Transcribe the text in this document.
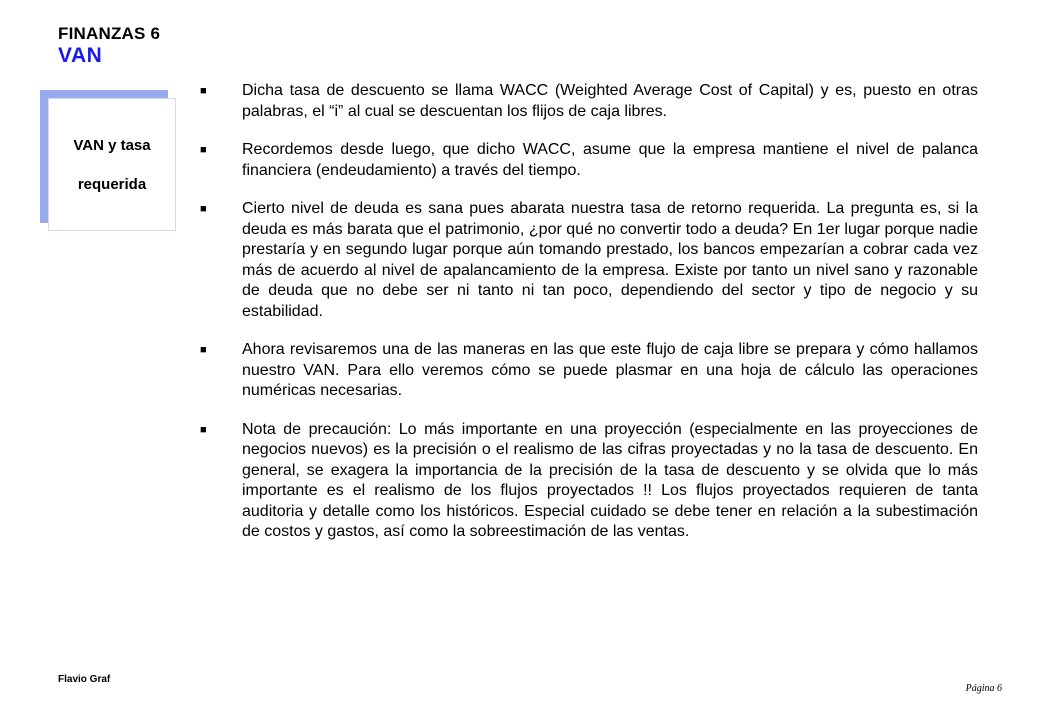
FINANZAS 6
VAN
VAN y tasa
requerida
■	Dicha tasa de descuento se llama WACC (Weighted Average Cost of Capital) y es, puesto en otras palabras, el “i” al cual se descuentan los flijos de caja libres.
■	Recordemos desde luego, que dicho WACC, asume que la empresa mantiene el nivel de palanca financiera (endeudamiento) a través del tiempo.
■	Cierto nivel de deuda es sana pues abarata nuestra tasa de retorno requerida. La pregunta es, si la deuda es más barata que el patrimonio, ¿por qué no convertir todo a deuda? En 1er lugar porque nadie prestaría y en segundo lugar porque aún tomando prestado, los bancos empezarían a cobrar cada vez más de acuerdo al nivel de apalancamiento de la empresa. Existe por tanto un nivel sano y razonable de deuda que no debe ser ni tanto ni tan poco, dependiendo del sector y tipo de negocio y su estabilidad.
■	Ahora revisaremos una de las maneras en las que este flujo de caja libre se prepara y cómo hallamos nuestro VAN. Para ello veremos cómo se puede plasmar en una hoja de cálculo las operaciones numéricas necesarias.
■	Nota de precaución: Lo más importante en una proyección (especialmente en las proyecciones de negocios nuevos) es la precisión o el realismo de las cifras proyectadas y no la tasa de descuento. En general, se exagera la importancia de la precisión de la tasa de descuento y se olvida que lo más importante es el realismo de los flujos proyectados !! Los flujos proyectados requieren de tanta auditoria y detalle como los históricos. Especial cuidado se debe tener en relación a la subestimación de costos y gastos, así como la sobreestimación de las ventas.
Flavio Graf
Página 6
